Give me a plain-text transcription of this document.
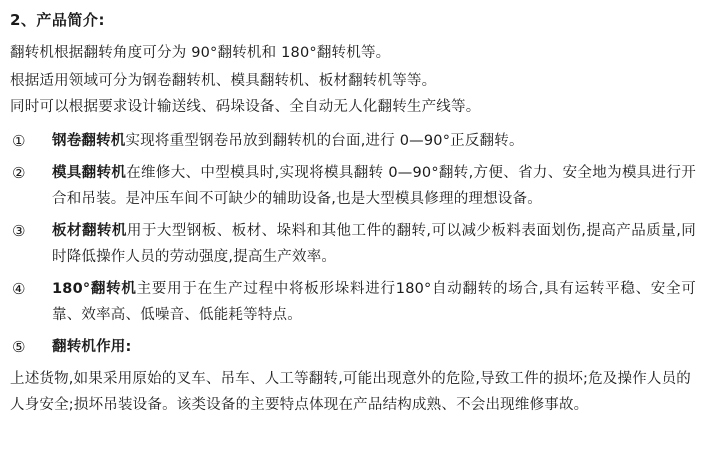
2、产品简介:

翻转机根据翻转角度可分为 90°翻转机和 180°翻转机等。

根据适用领域可分为钢卷翻转机、模具翻转机、板材翻转机等等。

同时可以根据要求设计输送线、码垛设备、全自动无人化翻转生产线等。

①	钢卷翻转机实现将重型钢卷吊放到翻转机的台面,进行 0—90°正反翻转。
②	模具翻转机在维修大、中型模具时,实现将模具翻转 0—90°翻转,方便、省力、安全地为模具进行开合和吊装。是冲压车间不可缺少的辅助设备,也是大型模具修理的理想设备。
③	板材翻转机用于大型钢板、板材、垛料和其他工件的翻转,可以减少板料表面划伤,提高产品质量,同时降低操作人员的劳动强度,提高生产效率。
④	180°翻转机主要用于在生产过程中将板形垛料进行180°自动翻转的场合,具有运转平稳、安全可靠、效率高、低噪音、低能耗等特点。
⑤	翻转机作用:

上述货物,如果采用原始的叉车、吊车、人工等翻转,可能出现意外的危险,导致工件的损坏;危及操作人员的人身安全;损坏吊装设备。该类设备的主要特点体现在产品结构成熟、不会出现维修事故。
